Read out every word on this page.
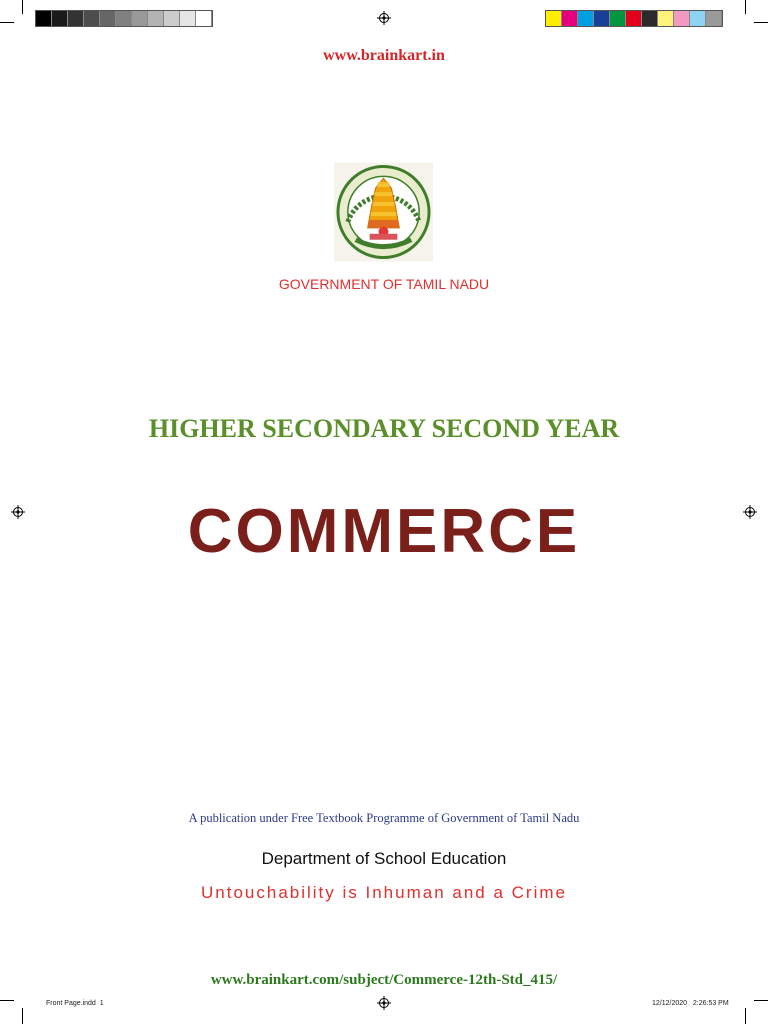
www.brainkart.in
GOVERNMENT OF TAMIL NADU
HIGHER SECONDARY SECOND YEAR
COMMERCE
A publication under Free Textbook Programme of Government of Tamil Nadu
Department of School Education
Untouchability is Inhuman and a Crime
www.brainkart.com/subject/Commerce-12th-Std_415/
Front Page.indd  1	12/12/2020   2:26:53 PM
